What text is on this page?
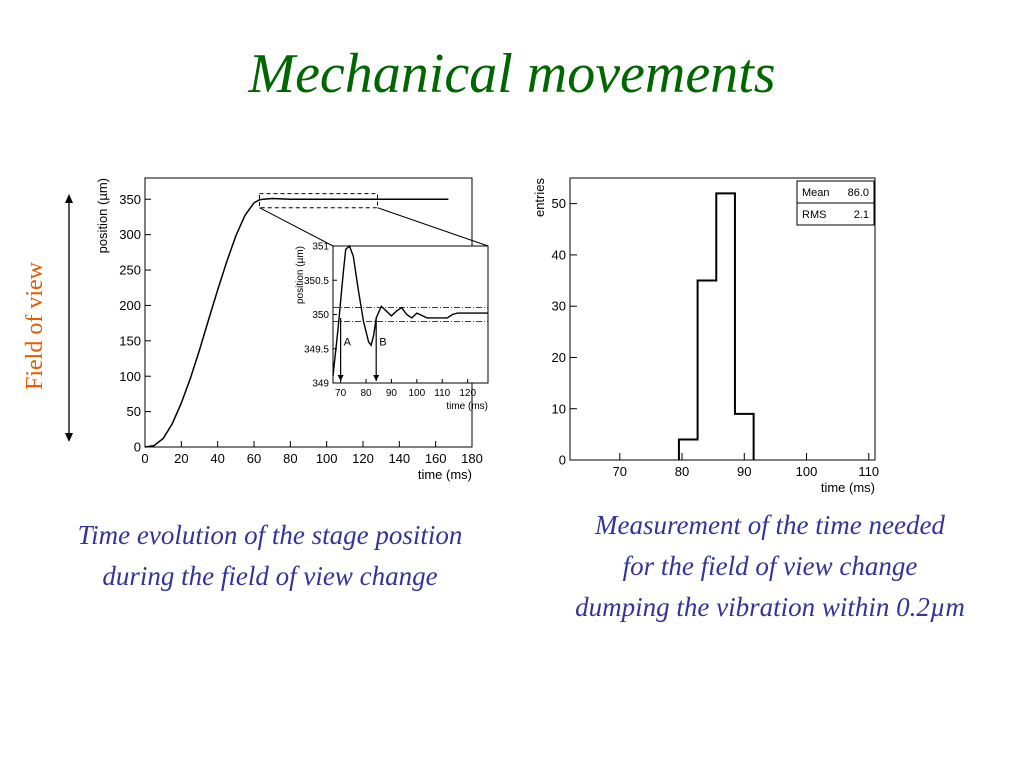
Mechanical movements
Field of view
0 20 40 60 80 100 120 140 160 180
0
50
100
150
200
250
300
350
time (ms)
position (µm)
70 80 90 100 110 120
349
349.5
350
350.5
351
time (ms)
position (µm)
A	B
70	80	90	100	110
0
10
20
30
40
50
time (ms)
entries	Mean 86.0
RMS 2.1
Time evolution of the stage position
during the field of view change
Measurement of the time needed
for the field of view change
dumping the vibration within 0.2µm
